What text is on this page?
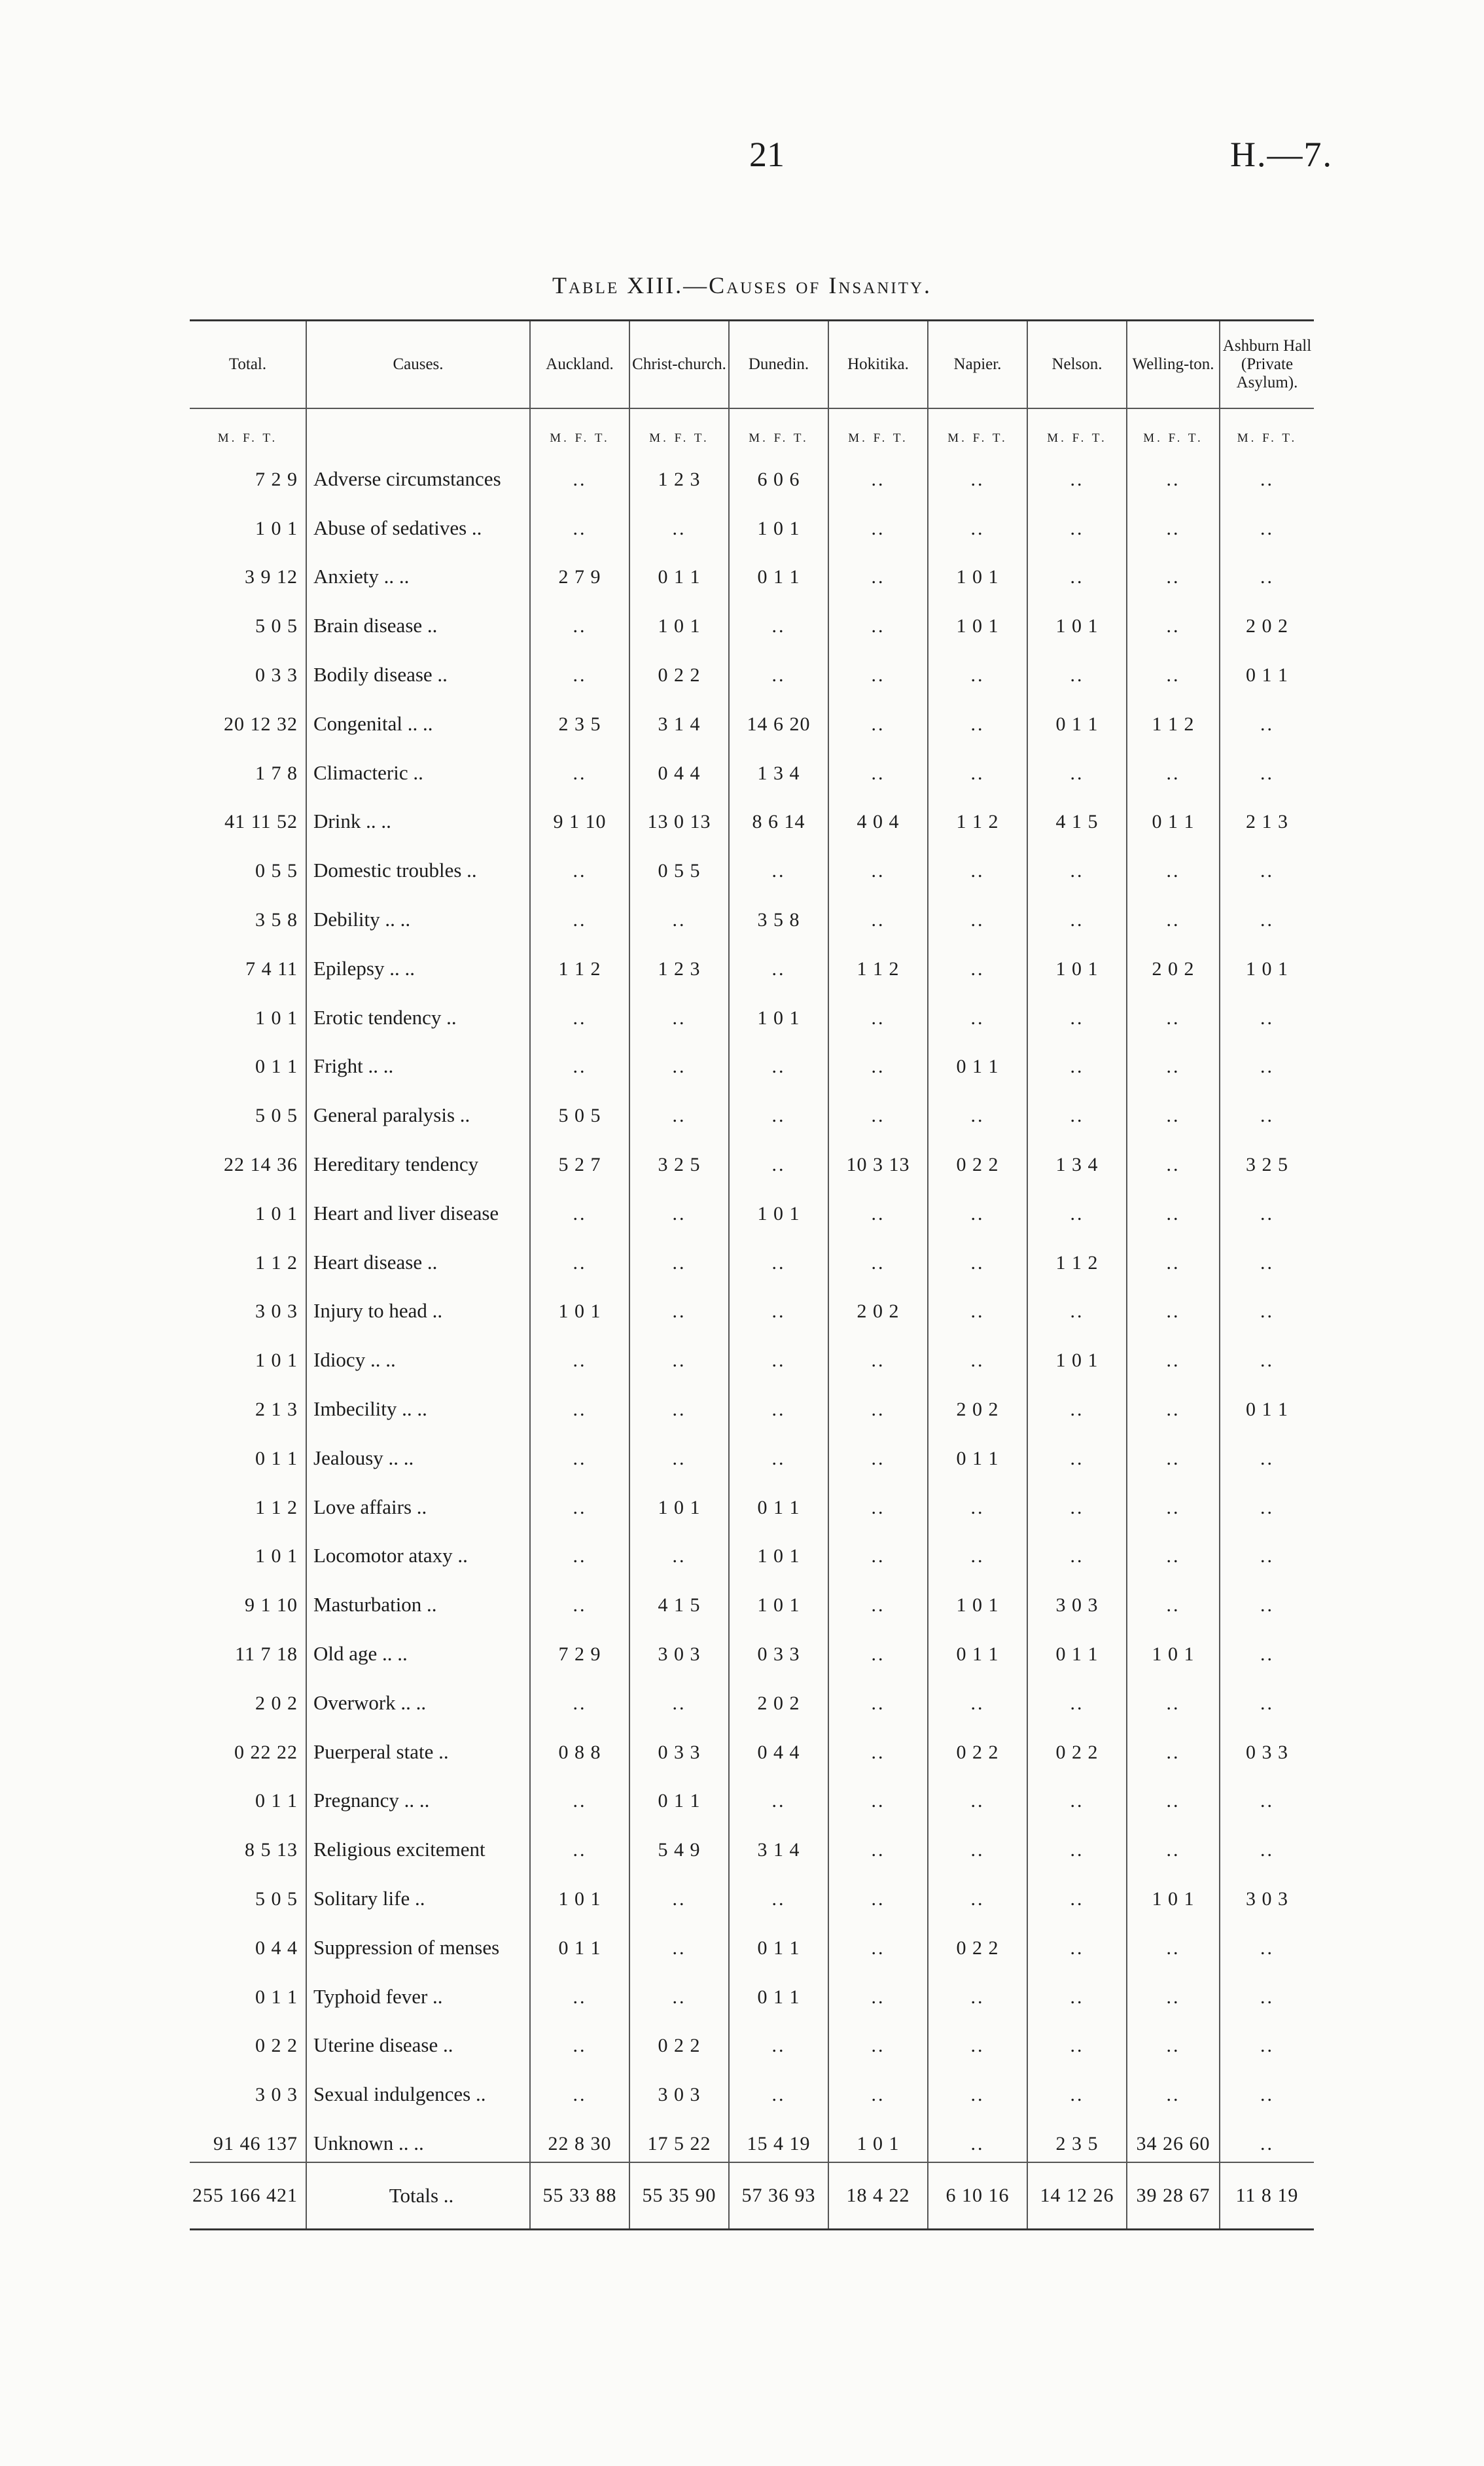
21	H.—7.
Table XIII.—Causes of Insanity.
Total.	Causes.	Auckland.	Christ-church.	Dunedin.	Hokitika.	Napier.	Nelson.	Welling-ton.	Ashburn Hall (Private Asylum).
M. F. T.		M. F. T.	M. F. T.	M. F. T.	M. F. T.	M. F. T.	M. F. T.	M. F. T.	M. F. T.
7 2 9	Adverse circumstances	..	1 2 3	6 0 6	..	..	..	..	..
1 0 1	Abuse of sedatives ..	..	..	1 0 1	..	..	..	..	..
3 9 12	Anxiety .. ..	2 7 9	0 1 1	0 1 1	..	1 0 1	..	..	..
5 0 5	Brain disease ..	..	1 0 1	..	..	1 0 1	1 0 1	..	2 0 2
0 3 3	Bodily disease ..	..	0 2 2	..	..	..	..	..	0 1 1
20 12 32	Congenital .. ..	2 3 5	3 1 4	14 6 20	..	..	0 1 1	1 1 2	..
1 7 8	Climacteric ..	..	0 4 4	1 3 4	..	..	..	..	..
41 11 52	Drink .. ..	9 1 10	13 0 13	8 6 14	4 0 4	1 1 2	4 1 5	0 1 1	2 1 3
0 5 5	Domestic troubles ..	..	0 5 5	..	..	..	..	..	..
3 5 8	Debility .. ..	..	..	3 5 8	..	..	..	..	..
7 4 11	Epilepsy .. ..	1 1 2	1 2 3	..	1 1 2	..	1 0 1	2 0 2	1 0 1
1 0 1	Erotic tendency ..	..	..	1 0 1	..	..	..	..	..
0 1 1	Fright .. ..	..	..	..	..	0 1 1	..	..	..
5 0 5	General paralysis ..	5 0 5	..	..	..	..	..	..	..
22 14 36	Hereditary tendency	5 2 7	3 2 5	..	10 3 13	0 2 2	1 3 4	..	3 2 5
1 0 1	Heart and liver disease	..	..	1 0 1	..	..	..	..	..
1 1 2	Heart disease ..	..	..	..	..	..	1 1 2	..	..
3 0 3	Injury to head ..	1 0 1	..	..	2 0 2	..	..	..	..
1 0 1	Idiocy .. ..	..	..	..	..	..	1 0 1	..	..
2 1 3	Imbecility .. ..	..	..	..	..	2 0 2	..	..	0 1 1
0 1 1	Jealousy .. ..	..	..	..	..	0 1 1	..	..	..
1 1 2	Love affairs ..	..	1 0 1	0 1 1	..	..	..	..	..
1 0 1	Locomotor ataxy ..	..	..	1 0 1	..	..	..	..	..
9 1 10	Masturbation ..	..	4 1 5	1 0 1	..	1 0 1	3 0 3	..	..
11 7 18	Old age .. ..	7 2 9	3 0 3	0 3 3	..	0 1 1	0 1 1	1 0 1	..
2 0 2	Overwork .. ..	..	..	2 0 2	..	..	..	..	..
0 22 22	Puerperal state ..	0 8 8	0 3 3	0 4 4	..	0 2 2	0 2 2	..	0 3 3
0 1 1	Pregnancy .. ..	..	0 1 1	..	..	..	..	..	..
8 5 13	Religious excitement	..	5 4 9	3 1 4	..	..	..	..	..
5 0 5	Solitary life ..	1 0 1	..	..	..	..	..	1 0 1	3 0 3
0 4 4	Suppression of menses	0 1 1	..	0 1 1	..	0 2 2	..	..	..
0 1 1	Typhoid fever ..	..	..	0 1 1	..	..	..	..	..
0 2 2	Uterine disease ..	..	0 2 2	..	..	..	..	..	..
3 0 3	Sexual indulgences ..	..	3 0 3	..	..	..	..	..	..
91 46 137	Unknown .. ..	22 8 30	17 5 22	15 4 19	1 0 1	..	2 3 5	34 26 60	..
255 166 421	Totals ..	55 33 88	55 35 90	57 36 93	18 4 22	6 10 16	14 12 26	39 28 67	11 8 19
